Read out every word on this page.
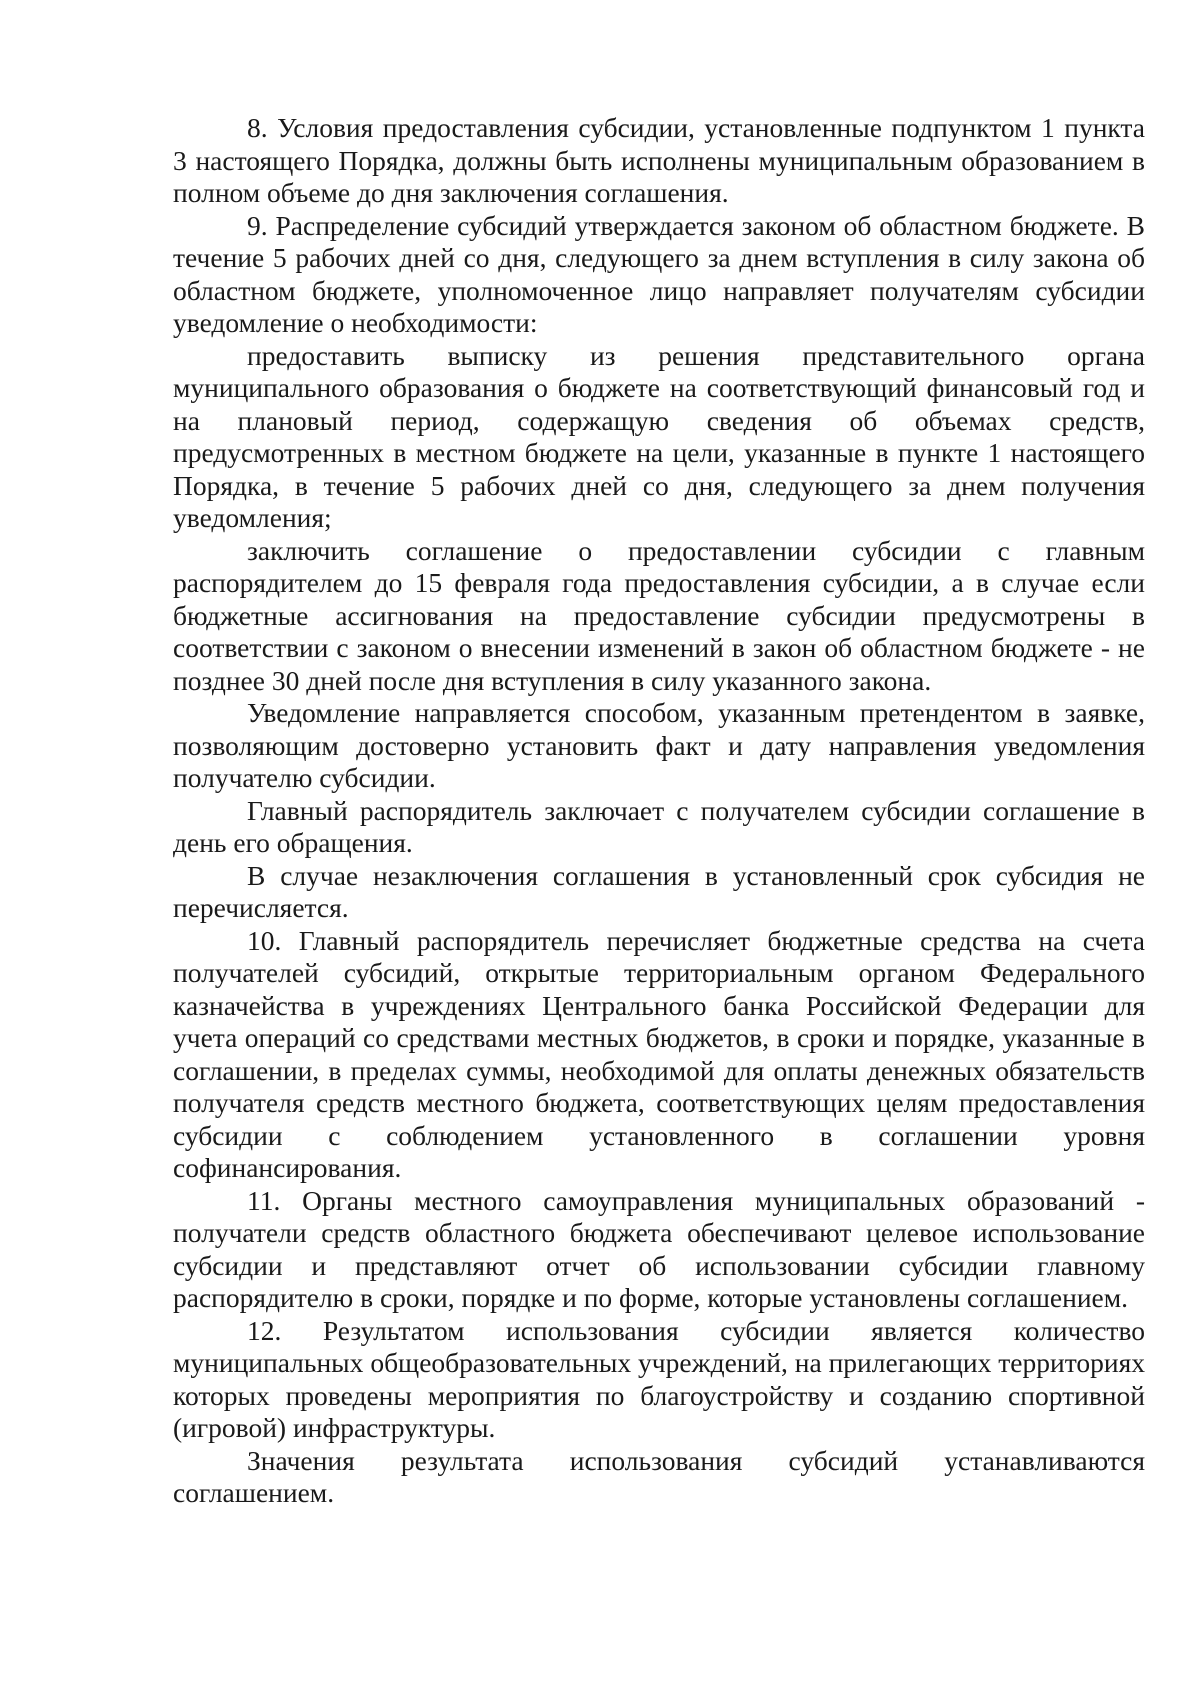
8. Условия предоставления субсидии, установленные подпунктом 1 пункта 3 настоящего Порядка, должны быть исполнены муниципальным образованием в полном объеме до дня заключения соглашения.

9. Распределение субсидий утверждается законом об областном бюджете. В течение 5 рабочих дней со дня, следующего за днем вступления в силу закона об областном бюджете, уполномоченное лицо направляет получателям субсидии уведомление о необходимости:

предоставить выписку из решения представительного органа муниципального образования о бюджете на соответствующий финансовый год и на плановый период, содержащую сведения об объемах средств, предусмотренных в местном бюджете на цели, указанные в пункте 1 настоящего Порядка, в течение 5 рабочих дней со дня, следующего за днем получения уведомления;

заключить соглашение о предоставлении субсидии с главным распорядителем до 15 февраля года предоставления субсидии, а в случае если бюджетные ассигнования на предоставление субсидии предусмотрены в соответствии с законом о внесении изменений в закон об областном бюджете - не позднее 30 дней после дня вступления в силу указанного закона.

Уведомление направляется способом, указанным претендентом в заявке, позволяющим достоверно установить факт и дату направления уведомления получателю субсидии.

Главный распорядитель заключает с получателем субсидии соглашение в день его обращения.

В случае незаключения соглашения в установленный срок субсидия не перечисляется.

10. Главный распорядитель перечисляет бюджетные средства на счета получателей субсидий, открытые территориальным органом Федерального казначейства в учреждениях Центрального банка Российской Федерации для учета операций со средствами местных бюджетов, в сроки и порядке, указанные в соглашении, в пределах суммы, необходимой для оплаты денежных обязательств получателя средств местного бюджета, соответствующих целям предоставления субсидии с соблюдением установленного в соглашении уровня софинансирования.

11. Органы местного самоуправления муниципальных образований - получатели средств областного бюджета обеспечивают целевое использование субсидии и представляют отчет об использовании субсидии главному распорядителю в сроки, порядке и по форме, которые установлены соглашением.

12. Результатом использования субсидии является количество муниципальных общеобразовательных учреждений, на прилегающих территориях которых проведены мероприятия по благоустройству и созданию спортивной (игровой) инфраструктуры.

Значения результата использования субсидий устанавливаются соглашением.
